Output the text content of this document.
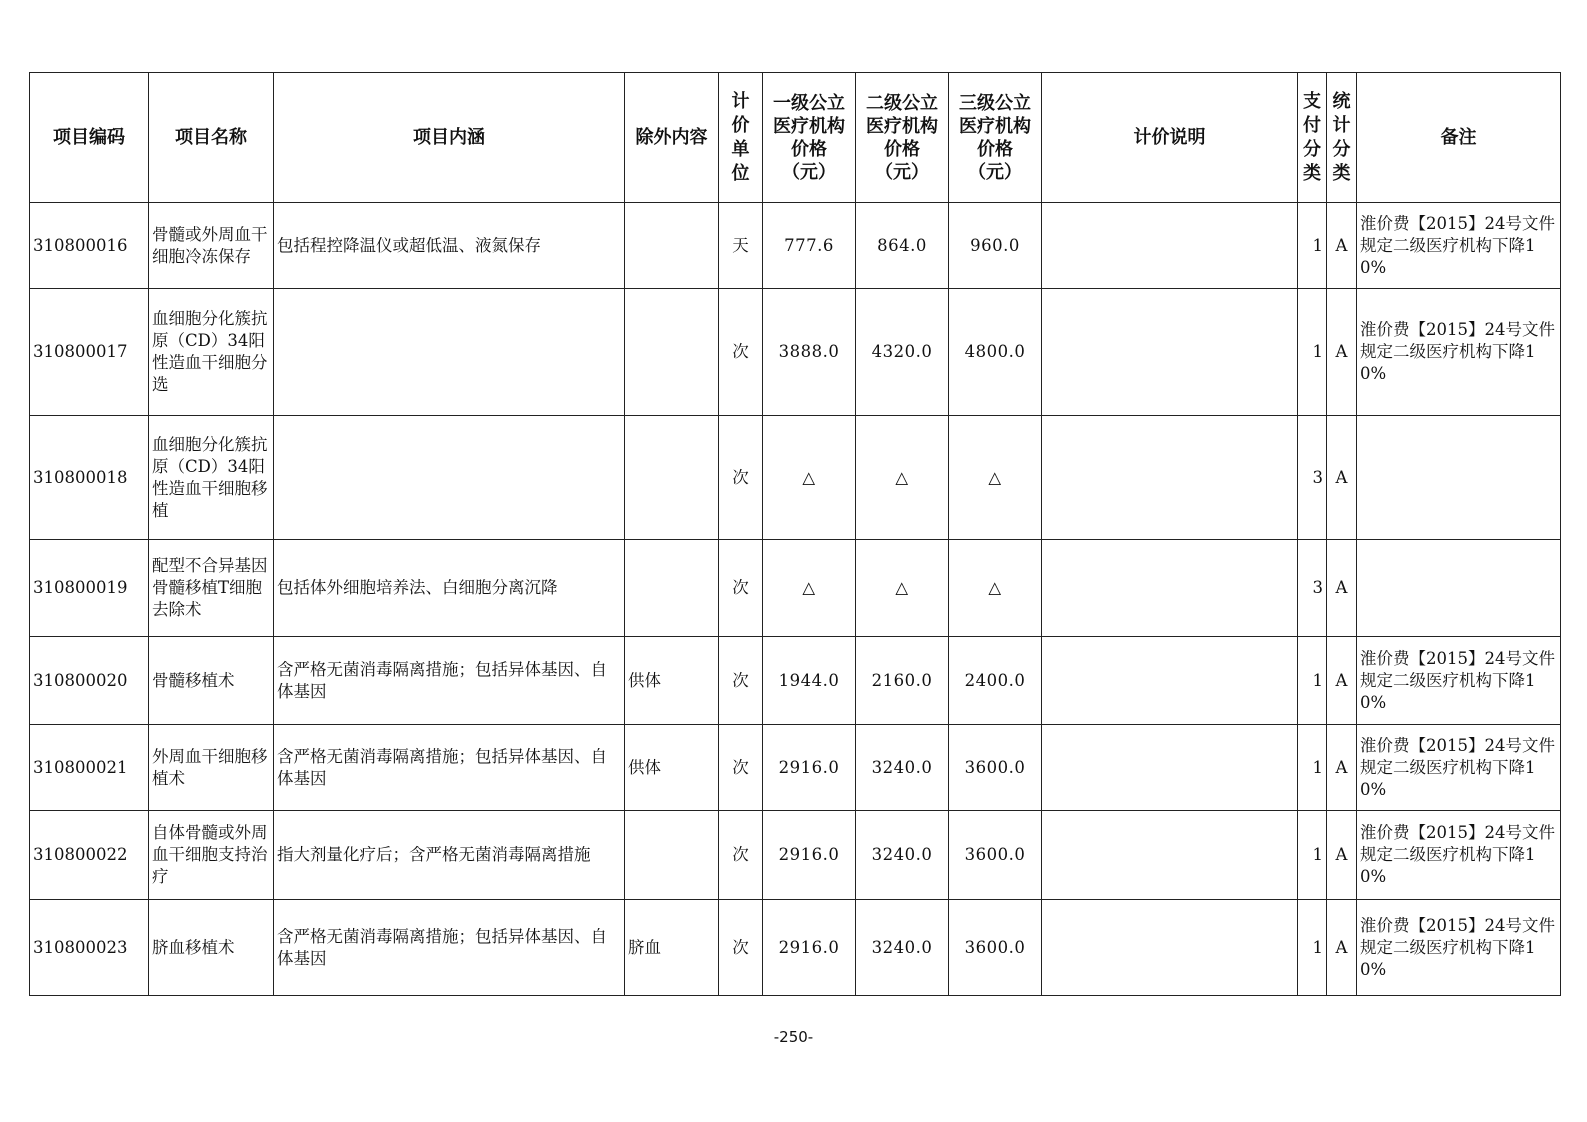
项目编码	项目名称	项目内涵	除外内容	计价单位	一级公立医疗机构价格（元）	二级公立医疗机构价格（元）	三级公立医疗机构价格（元）	计价说明	支付分类	统计分类	备注
310800016	骨髓或外周血干细胞冷冻保存	包括程控降温仪或超低温、液氮保存		天	777.6	864.0	960.0		1	A	淮价费【2015】24号文件规定二级医疗机构下降10%
310800017	血细胞分化簇抗原（CD）34阳性造血干细胞分选			次	3888.0	4320.0	4800.0		1	A	淮价费【2015】24号文件规定二级医疗机构下降10%
310800018	血细胞分化簇抗原（CD）34阳性造血干细胞移植			次	△	△	△		3	A	
310800019	配型不合异基因骨髓移植T细胞去除术	包括体外细胞培养法、白细胞分离沉降		次	△	△	△		3	A	
310800020	骨髓移植术	含严格无菌消毒隔离措施；包括异体基因、自体基因	供体	次	1944.0	2160.0	2400.0		1	A	淮价费【2015】24号文件规定二级医疗机构下降10%
310800021	外周血干细胞移植术	含严格无菌消毒隔离措施；包括异体基因、自体基因	供体	次	2916.0	3240.0	3600.0		1	A	淮价费【2015】24号文件规定二级医疗机构下降10%
310800022	自体骨髓或外周血干细胞支持治疗	指大剂量化疗后；含严格无菌消毒隔离措施		次	2916.0	3240.0	3600.0		1	A	淮价费【2015】24号文件规定二级医疗机构下降10%
310800023	脐血移植术	含严格无菌消毒隔离措施；包括异体基因、自体基因	脐血	次	2916.0	3240.0	3600.0		1	A	淮价费【2015】24号文件规定二级医疗机构下降10%
-250-
